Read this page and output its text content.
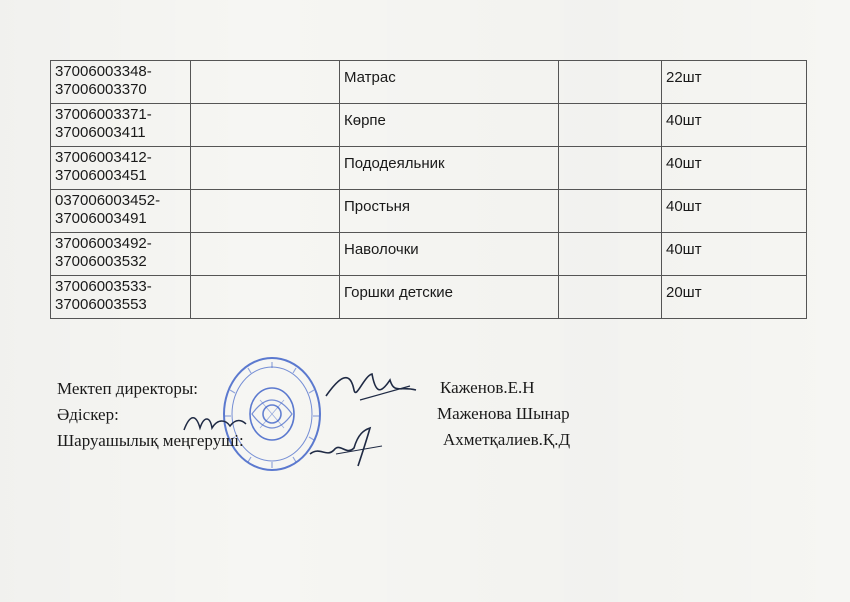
37006003348-
37006003370		Матрас		22шт
37006003371-
37006003411		Көрпе		40шт
37006003412-
37006003451		Пододеяльник		40шт
037006003452-
37006003491		Простьня		40шт
37006003492-
37006003532		Наволочки		40шт
37006003533-
37006003553		Горшки детские		20шт
Мектеп директоры:
Әдіскер:
Шаруашылық меңгерушi:
Каженов.Е.Н
Маженова Шынар
Ахметқалиев.Қ.Д
